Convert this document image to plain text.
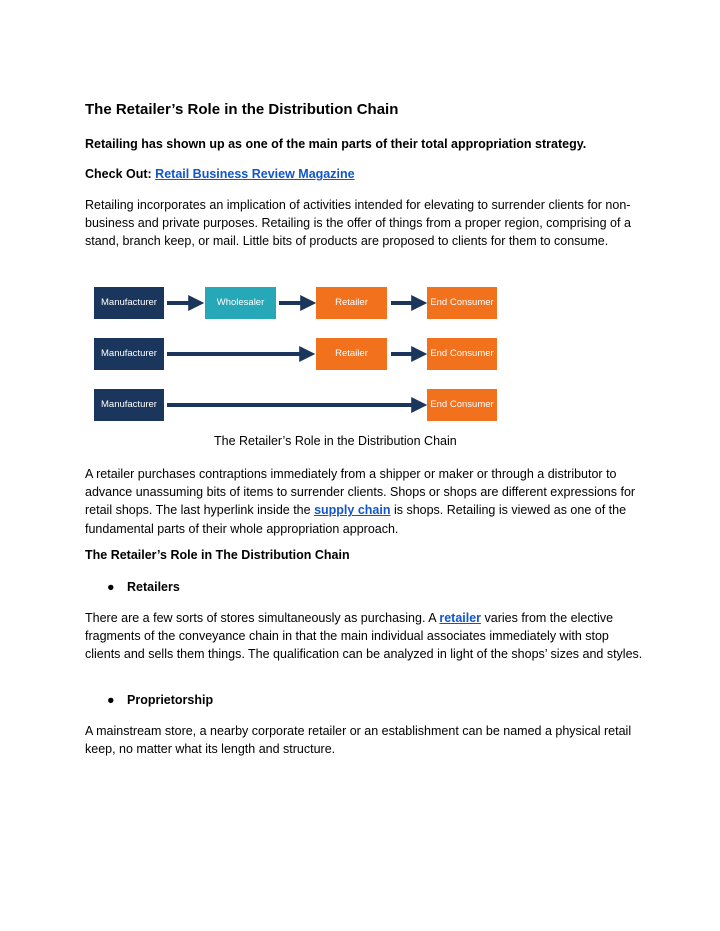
The Retailer’s Role in the Distribution Chain
Retailing has shown up as one of the main parts of their total appropriation strategy.
Check Out: Retail Business Review Magazine
Retailing incorporates an implication of activities intended for elevating to surrender clients for non-business and private purposes. Retailing is the offer of things from a proper region, comprising of a stand, branch keep, or mail. Little bits of products are proposed to clients for them to consume.
The Retailer’s Role in the Distribution Chain
A retailer purchases contraptions immediately from a shipper or maker or through a distributor to advance unassuming bits of items to surrender clients. Shops or shops are different expressions for retail shops. The last hyperlink inside the supply chain is shops. Retailing is viewed as one of the fundamental parts of their whole appropriation approach.
The Retailer’s Role in The Distribution Chain
● Retailers
There are a few sorts of stores simultaneously as purchasing. A retailer varies from the elective fragments of the conveyance chain in that the main individual associates immediately with stop clients and sells them things. The qualification can be analyzed in light of the shops’ sizes and styles.
● Proprietorship
A mainstream store, a nearby corporate retailer or an establishment can be named a physical retail keep, no matter what its length and structure.
Manufacturer	Wholesaler	Retailer	End Consumer
Manufacturer	Retailer	End Consumer
Manufacturer	End Consumer
